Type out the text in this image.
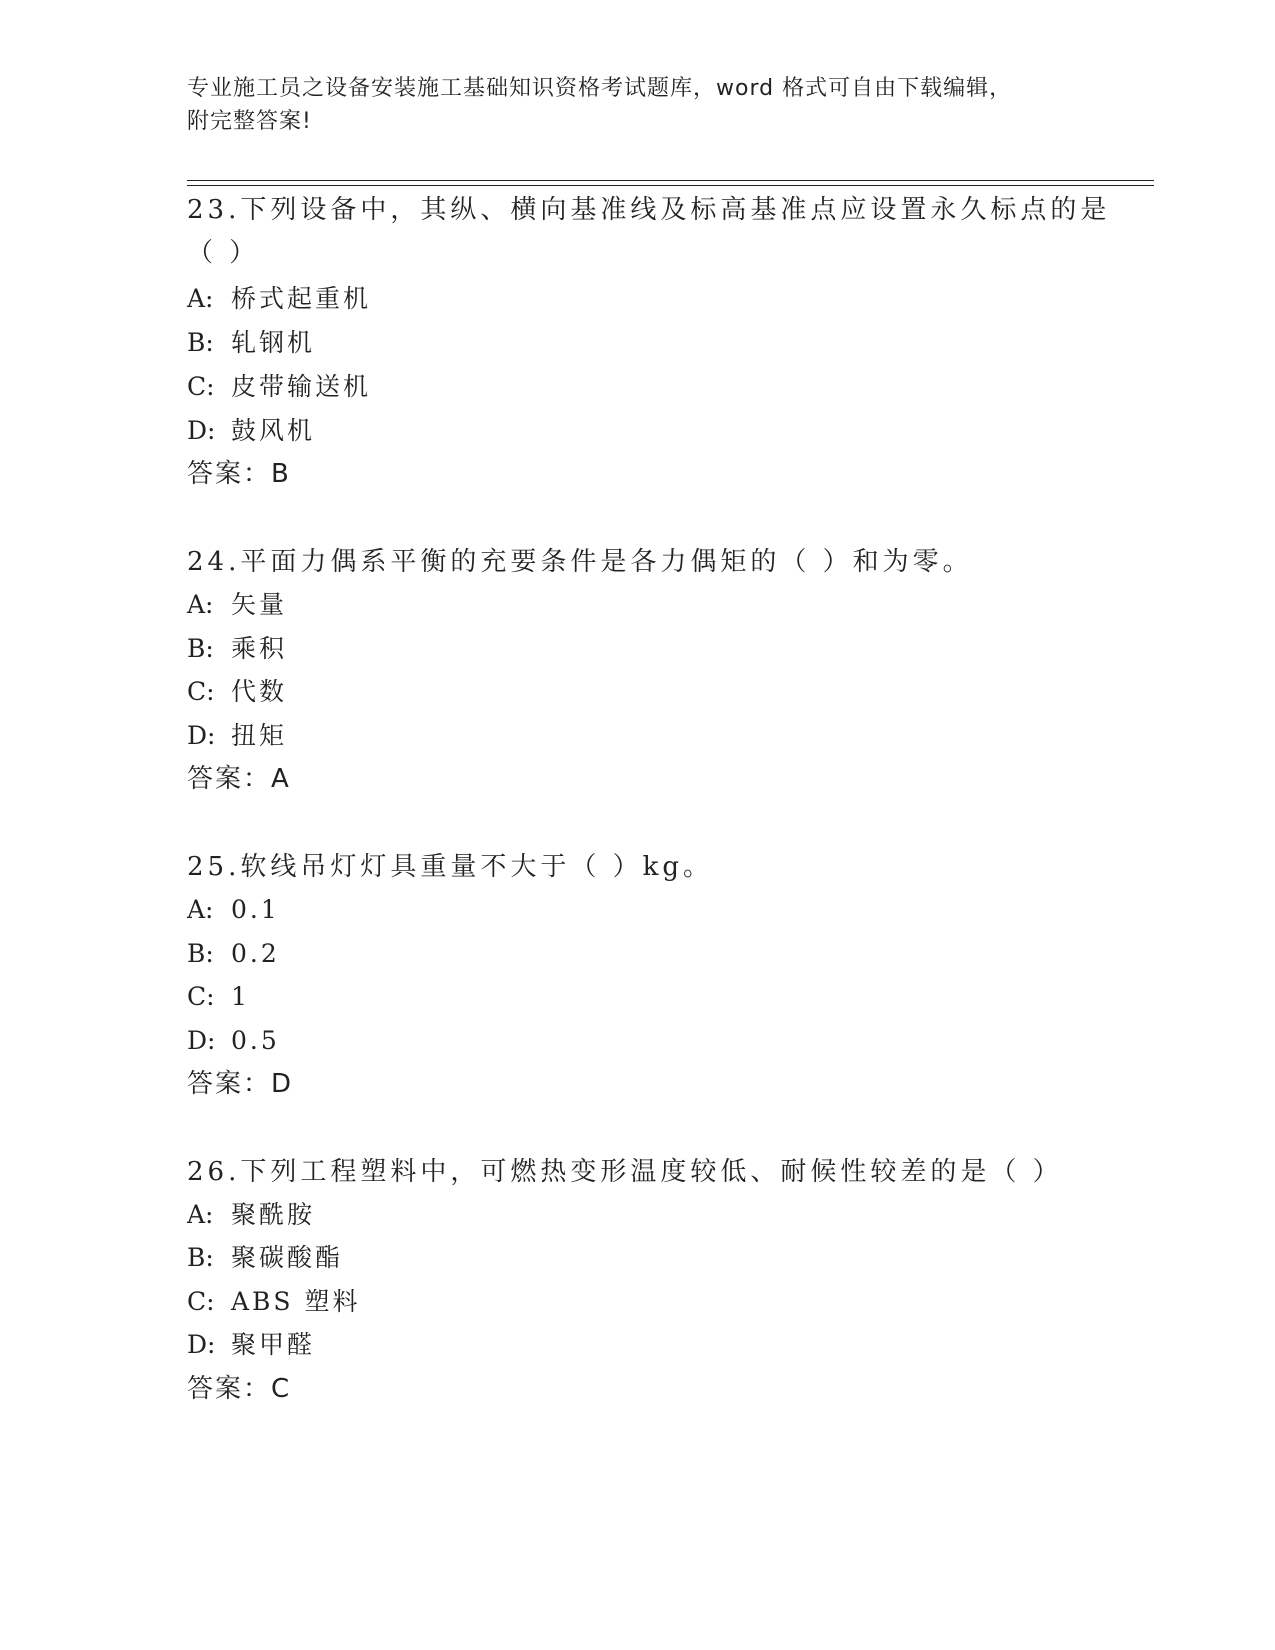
专业施工员之设备安装施工基础知识资格考试题库，word 格式可自由下载编辑，
附完整答案!
23.下列设备中，其纵、横向基准线及标高基准点应设置永久标点的是
（ ）
A: 桥式起重机
B: 轧钢机
C: 皮带输送机
D: 鼓风机
答案：B
24.平面力偶系平衡的充要条件是各力偶矩的（ ）和为零。
A: 矢量
B: 乘积
C: 代数
D: 扭矩
答案：A
25.软线吊灯灯具重量不大于（ ）kg。
A: 0.1
B: 0.2
C: 1
D: 0.5
答案：D
26.下列工程塑料中，可燃热变形温度较低、耐候性较差的是（ ）
A: 聚酰胺
B: 聚碳酸酯
C: ABS 塑料
D: 聚甲醛
答案：C
